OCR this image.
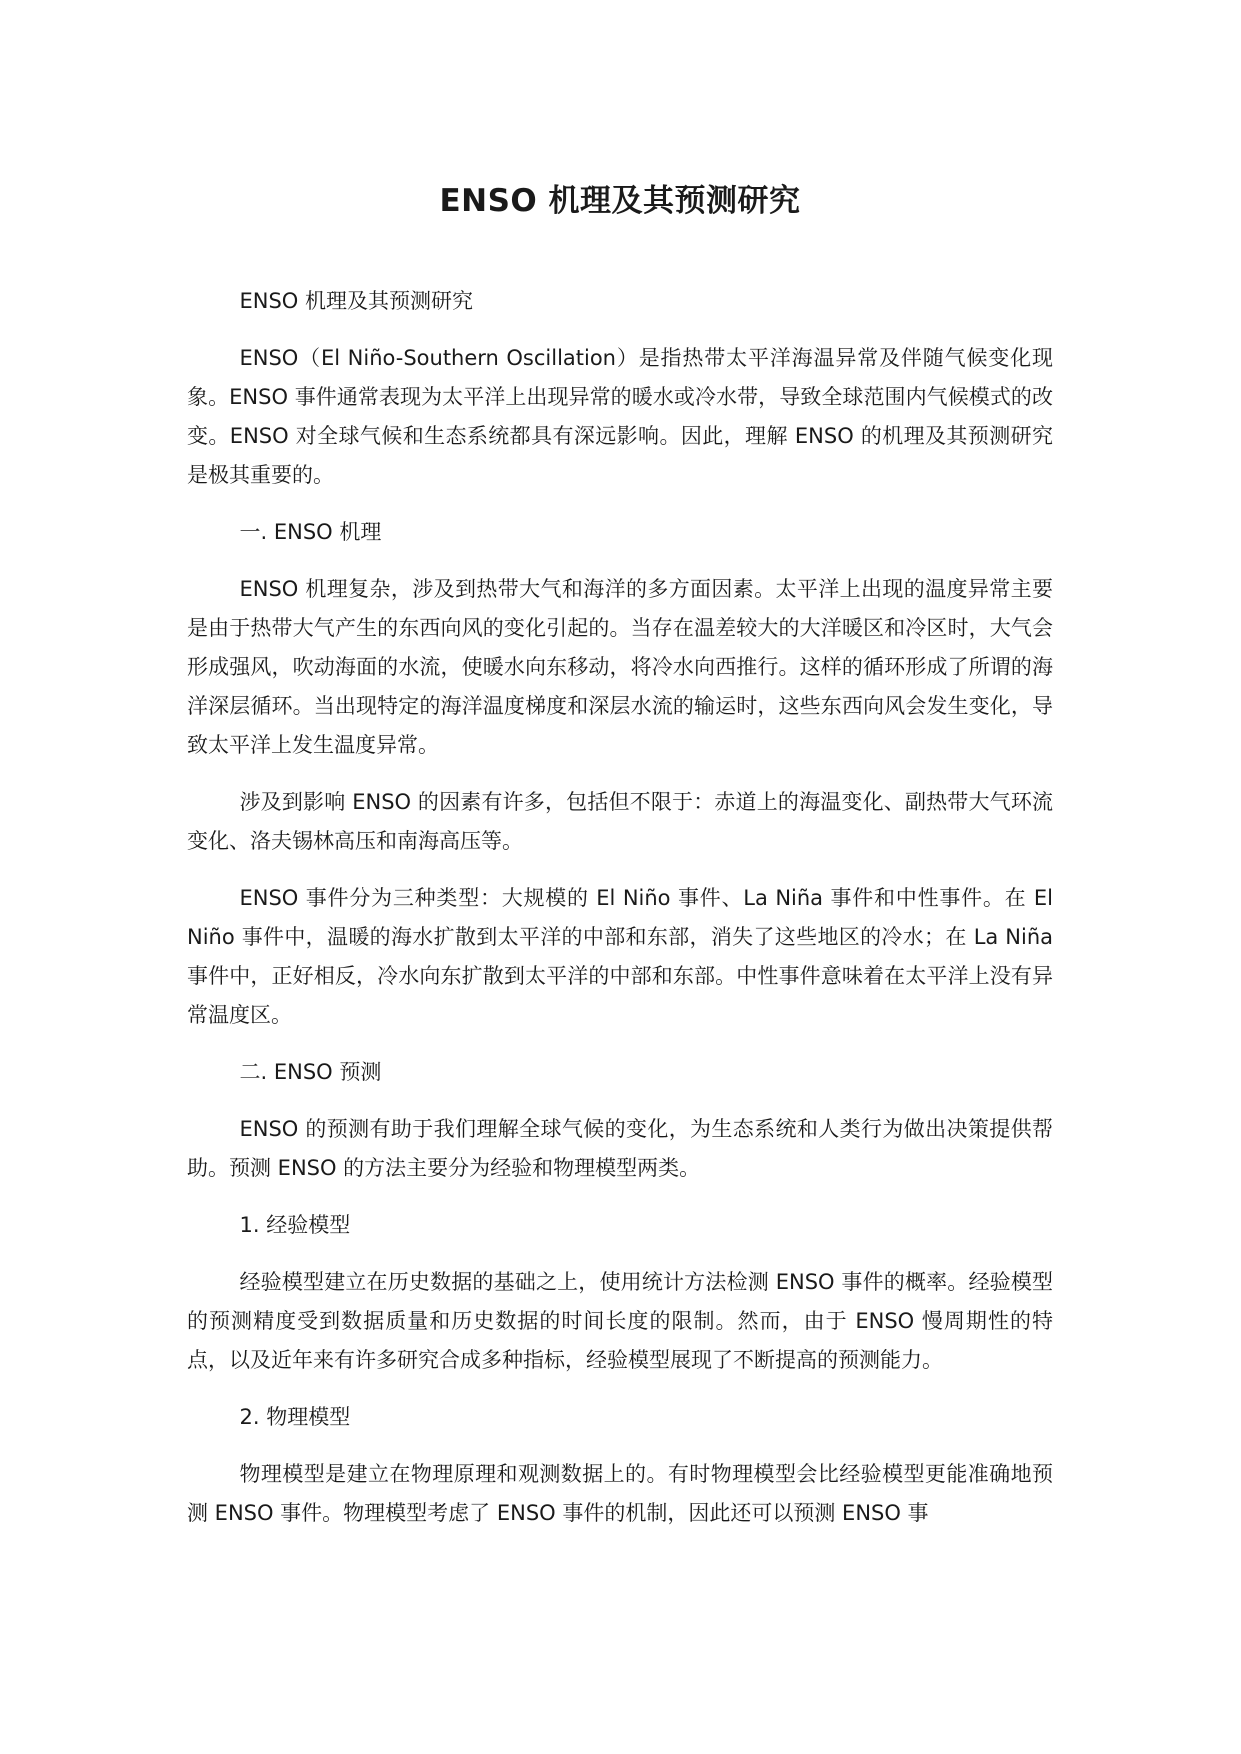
ENSO 机理及其预测研究

ENSO 机理及其预测研究

ENSO（El Niño-Southern Oscillation）是指热带太平洋海温异常及伴随气候变化现象。ENSO 事件通常表现为太平洋上出现异常的暖水或冷水带，导致全球范围内气候模式的改变。ENSO 对全球气候和生态系统都具有深远影响。因此，理解 ENSO 的机理及其预测研究是极其重要的。

一. ENSO 机理

ENSO 机理复杂，涉及到热带大气和海洋的多方面因素。太平洋上出现的温度异常主要是由于热带大气产生的东西向风的变化引起的。当存在温差较大的大洋暖区和冷区时，大气会形成强风，吹动海面的水流，使暖水向东移动，将冷水向西推行。这样的循环形成了所谓的海洋深层循环。当出现特定的海洋温度梯度和深层水流的输运时，这些东西向风会发生变化，导致太平洋上发生温度异常。

涉及到影响 ENSO 的因素有许多，包括但不限于：赤道上的海温变化、副热带大气环流变化、洛夫锡林高压和南海高压等。

ENSO 事件分为三种类型：大规模的 El Niño 事件、La Niña 事件和中性事件。在 El Niño 事件中，温暖的海水扩散到太平洋的中部和东部，消失了这些地区的冷水；在 La Niña 事件中，正好相反，冷水向东扩散到太平洋的中部和东部。中性事件意味着在太平洋上没有异常温度区。

二. ENSO 预测

ENSO 的预测有助于我们理解全球气候的变化，为生态系统和人类行为做出决策提供帮助。预测 ENSO 的方法主要分为经验和物理模型两类。

1. 经验模型

经验模型建立在历史数据的基础之上，使用统计方法检测 ENSO 事件的概率。经验模型的预测精度受到数据质量和历史数据的时间长度的限制。然而，由于 ENSO 慢周期性的特点，以及近年来有许多研究合成多种指标，经验模型展现了不断提高的预测能力。

2. 物理模型

物理模型是建立在物理原理和观测数据上的。有时物理模型会比经验模型更能准确地预测 ENSO 事件。物理模型考虑了 ENSO 事件的机制，因此还可以预测 ENSO 事
